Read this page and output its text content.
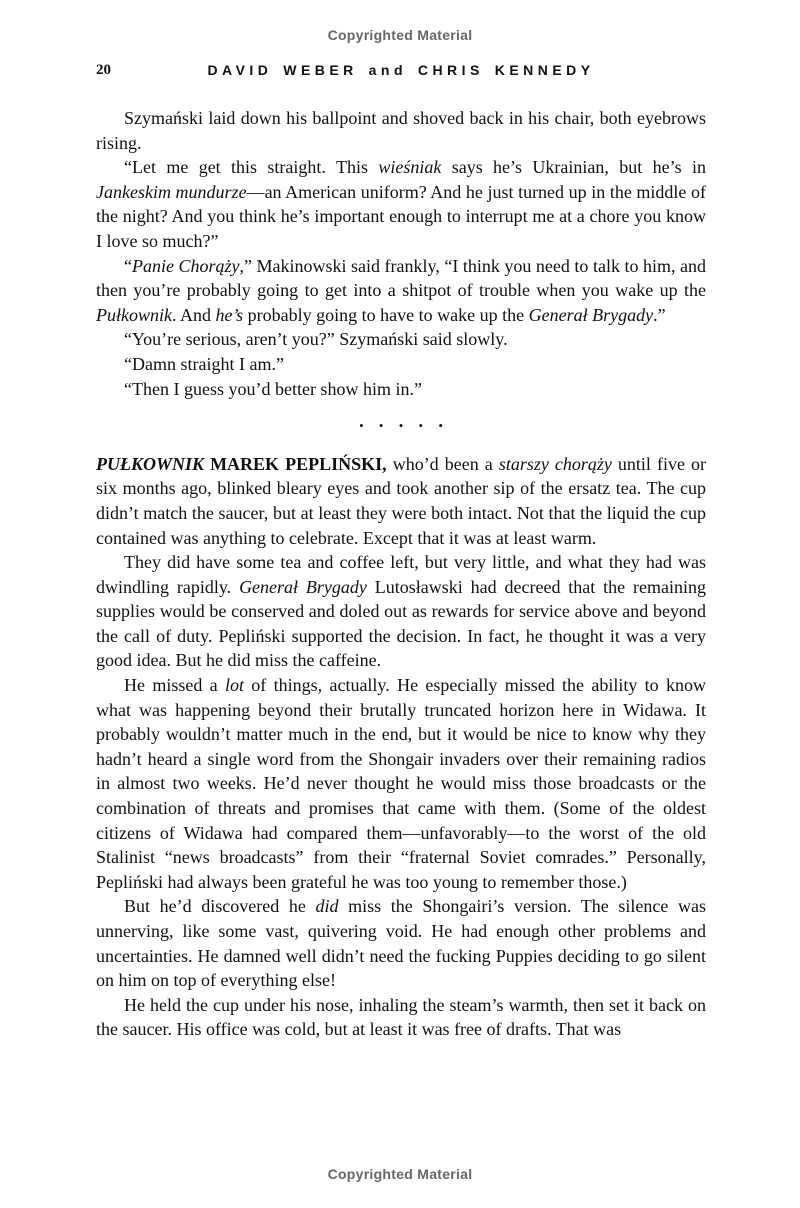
Copyrighted Material
20	DAVID WEBER and CHRIS KENNEDY

Szymański laid down his ballpoint and shoved back in his chair, both eyebrows rising.

“Let me get this straight. This wieśniak says he’s Ukrainian, but he’s in Jankeskim mundurze—an American uniform? And he just turned up in the middle of the night? And you think he’s important enough to interrupt me at a chore you know I love so much?”

“Panie Chorąży,” Makinowski said frankly, “I think you need to talk to him, and then you’re probably going to get into a shitpot of trouble when you wake up the Pułkownik. And he’s probably going to have to wake up the Generał Brygady.”

“You’re serious, aren’t you?” Szymański said slowly.

“Damn straight I am.”

“Then I guess you’d better show him in.”

• • • • •

PUŁKOWNIK MAREK PEPLIŃSKI, who’d been a starszy chorąży until five or six months ago, blinked bleary eyes and took another sip of the ersatz tea. The cup didn’t match the saucer, but at least they were both intact. Not that the liquid the cup contained was anything to celebrate. Except that it was at least warm.

They did have some tea and coffee left, but very little, and what they had was dwindling rapidly. Generał Brygady Lutosławski had decreed that the remaining supplies would be conserved and doled out as rewards for service above and beyond the call of duty. Pepliński supported the decision. In fact, he thought it was a very good idea. But he did miss the caffeine.

He missed a lot of things, actually. He especially missed the ability to know what was happening beyond their brutally truncated horizon here in Widawa. It probably wouldn’t matter much in the end, but it would be nice to know why they hadn’t heard a single word from the Shongair invaders over their remaining radios in almost two weeks. He’d never thought he would miss those broadcasts or the combination of threats and promises that came with them. (Some of the oldest citizens of Widawa had compared them—unfavorably—to the worst of the old Stalinist “news broadcasts” from their “fraternal Soviet comrades.” Personally, Pepliński had always been grateful he was too young to remember those.)

But he’d discovered he did miss the Shongairi’s version. The silence was unnerving, like some vast, quivering void. He had enough other problems and uncertainties. He damned well didn’t need the fucking Puppies deciding to go silent on him on top of everything else!

He held the cup under his nose, inhaling the steam’s warmth, then set it back on the saucer. His office was cold, but at least it was free of drafts. That was

Copyrighted Material
